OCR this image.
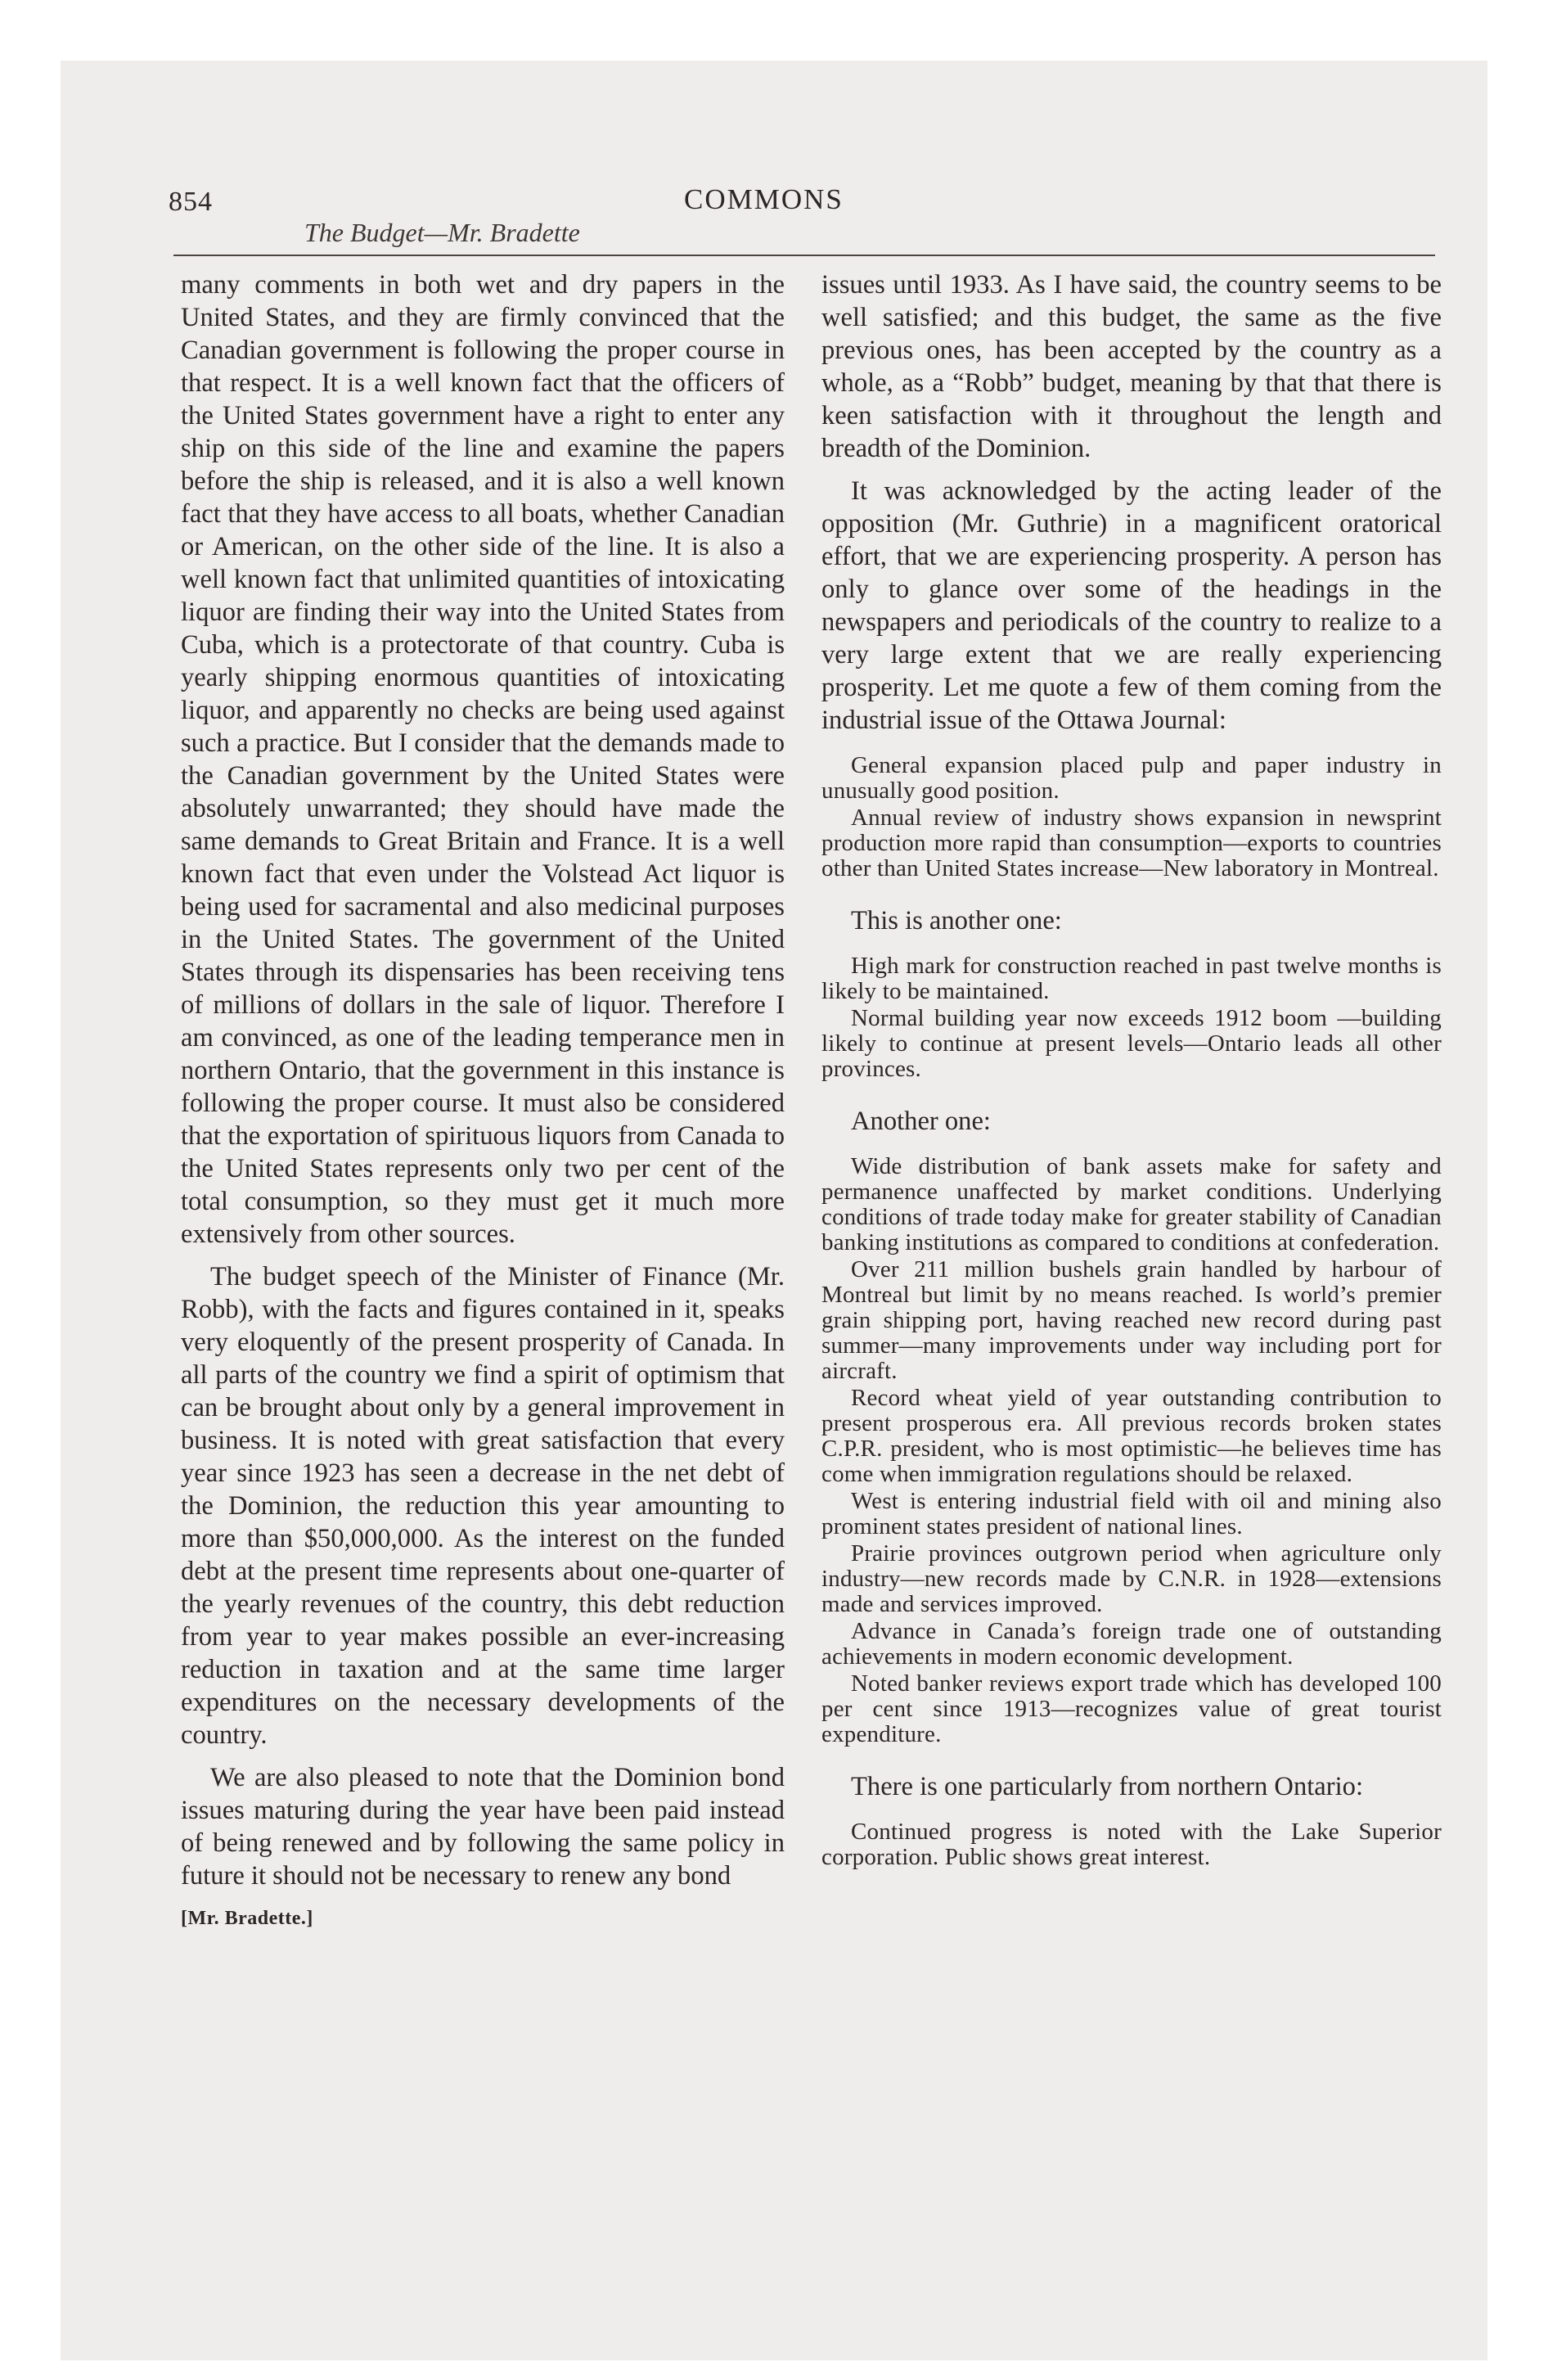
854
The Budget—Mr. Bradette
COMMONS

many comments in both wet and dry papers in the United States, and they are firmly convinced that the Canadian government is following the proper course in that respect. It is a well known fact that the officers of the United States government have a right to enter any ship on this side of the line and examine the papers before the ship is released, and it is also a well known fact that they have access to all boats, whether Canadian or American, on the other side of the line. It is also a well known fact that unlimited quantities of intoxicating liquor are finding their way into the United States from Cuba, which is a protectorate of that country. Cuba is yearly shipping enormous quantities of intoxicating liquor, and apparently no checks are being used against such a practice. But I consider that the demands made to the Canadian government by the United States were absolutely unwarranted; they should have made the same demands to Great Britain and France. It is a well known fact that even under the Volstead Act liquor is being used for sacramental and also medicinal purposes in the United States. The government of the United States through its dispensaries has been receiving tens of millions of dollars in the sale of liquor. Therefore I am convinced, as one of the leading temperance men in northern Ontario, that the government in this instance is following the proper course. It must also be considered that the exportation of spirituous liquors from Canada to the United States represents only two per cent of the total consumption, so they must get it much more extensively from other sources.

The budget speech of the Minister of Finance (Mr. Robb), with the facts and figures contained in it, speaks very eloquently of the present prosperity of Canada. In all parts of the country we find a spirit of optimism that can be brought about only by a general improvement in business. It is noted with great satisfaction that every year since 1923 has seen a decrease in the net debt of the Dominion, the reduction this year amounting to more than $50,000,000. As the interest on the funded debt at the present time represents about one-quarter of the yearly revenues of the country, this debt reduction from year to year makes possible an ever-increasing reduction in taxation and at the same time larger expenditures on the necessary developments of the country.

We are also pleased to note that the Dominion bond issues maturing during the year have been paid instead of being renewed and by following the same policy in future it should not be necessary to renew any bond

[Mr. Bradette.]

issues until 1933. As I have said, the country seems to be well satisfied; and this budget, the same as the five previous ones, has been accepted by the country as a whole, as a “Robb” budget, meaning by that that there is keen satisfaction with it throughout the length and breadth of the Dominion.

It was acknowledged by the acting leader of the opposition (Mr. Guthrie) in a magnificent oratorical effort, that we are experiencing prosperity. A person has only to glance over some of the headings in the newspapers and periodicals of the country to realize to a very large extent that we are really experiencing prosperity. Let me quote a few of them coming from the industrial issue of the Ottawa Journal:

General expansion placed pulp and paper industry in unusually good position.

Annual review of industry shows expansion in newsprint production more rapid than consumption—exports to countries other than United States increase—New laboratory in Montreal.

This is another one:

High mark for construction reached in past twelve months is likely to be maintained.

Normal building year now exceeds 1912 boom —building likely to continue at present levels—Ontario leads all other provinces.

Another one:

Wide distribution of bank assets make for safety and permanence unaffected by market conditions. Underlying conditions of trade today make for greater stability of Canadian banking institutions as compared to conditions at confederation.

Over 211 million bushels grain handled by harbour of Montreal but limit by no means reached. Is world’s premier grain shipping port, having reached new record during past summer—many improvements under way including port for aircraft.

Record wheat yield of year outstanding contribution to present prosperous era. All previous records broken states C.P.R. president, who is most optimistic—he believes time has come when immigration regulations should be relaxed.

West is entering industrial field with oil and mining also prominent states president of national lines.

Prairie provinces outgrown period when agriculture only industry—new records made by C.N.R. in 1928—extensions made and services improved.

Advance in Canada’s foreign trade one of outstanding achievements in modern economic development.

Noted banker reviews export trade which has developed 100 per cent since 1913—recognizes value of great tourist expenditure.

There is one particularly from northern Ontario:

Continued progress is noted with the Lake Superior corporation. Public shows great interest.
